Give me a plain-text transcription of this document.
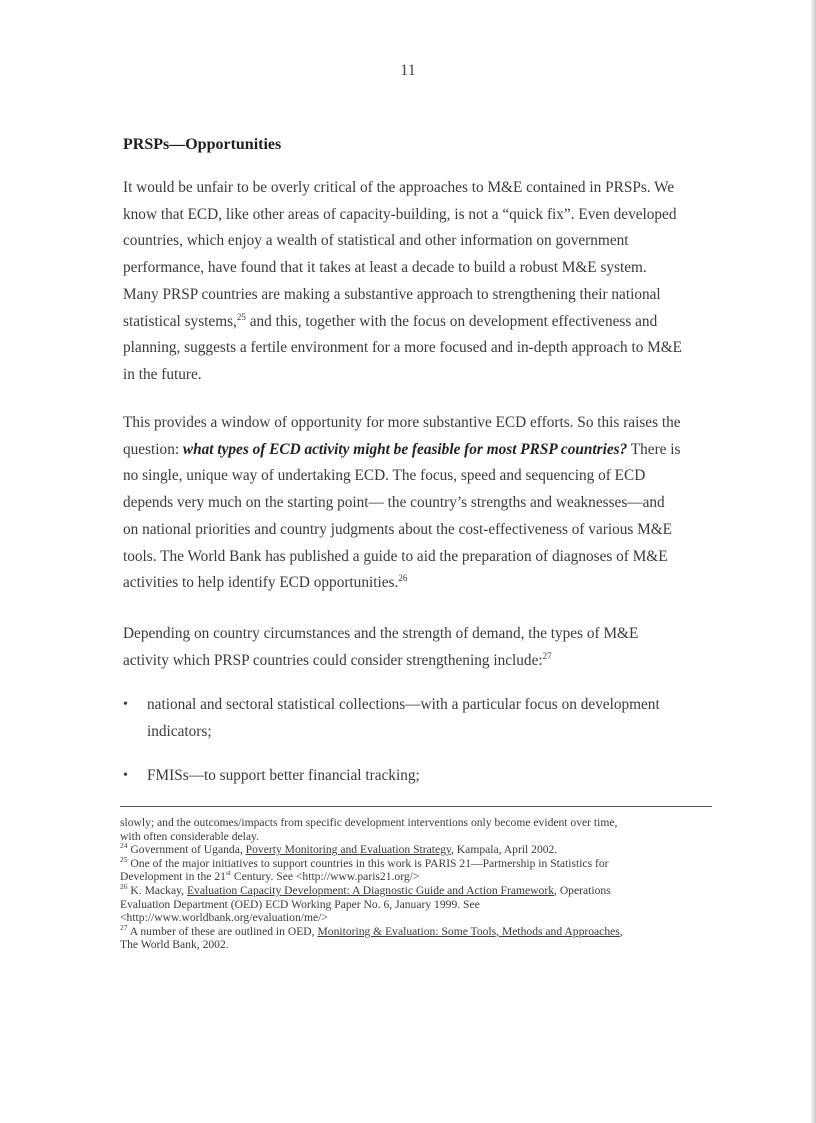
11
PRSPs—Opportunities

It would be unfair to be overly critical of the approaches to M&E contained in PRSPs. We
know that ECD, like other areas of capacity-building, is not a “quick fix”. Even developed
countries, which enjoy a wealth of statistical and other information on government
performance, have found that it takes at least a decade to build a robust M&E system.
Many PRSP countries are making a substantive approach to strengthening their national
statistical systems,$^{25}$ and this, together with the focus on development effectiveness and
planning, suggests a fertile environment for a more focused and in-depth approach to M&E
in the future.

This provides a window of opportunity for more substantive ECD efforts. So this raises the
question: what types of ECD activity might be feasible for most PRSP countries? There is
no single, unique way of undertaking ECD. The focus, speed and sequencing of ECD
depends very much on the starting point— the country’s strengths and weaknesses—and
on national priorities and country judgments about the cost-effectiveness of various M&E
tools. The World Bank has published a guide to aid the preparation of diagnoses of M&E
activities to help identify ECD opportunities.$^{26}$

Depending on country circumstances and the strength of demand, the types of M&E
activity which PRSP countries could consider strengthening include:$^{27}$

• national and sectoral statistical collections—with a particular focus on development
indicators;
• FMISs—to support better financial tracking;
slowly; and the outcomes/impacts from specific development interventions only become evident over time,
with often considerable delay.
$^{24}$ Government of Uganda, Poverty Monitoring and Evaluation Strategy, Kampala, April 2002.
$^{25}$ One of the major initiatives to support countries in this work is PARIS 21—Partnership in Statistics for
Development in the 21st Century. See <http://www.paris21.org/>
$^{26}$ K. Mackay, Evaluation Capacity Development: A Diagnostic Guide and Action Framework, Operations
Evaluation Department (OED) ECD Working Paper No. 6, January 1999. See
<http://www.worldbank.org/evaluation/me/>
$^{27}$ A number of these are outlined in OED, Monitoring & Evaluation: Some Tools, Methods and Approaches,
The World Bank, 2002.
